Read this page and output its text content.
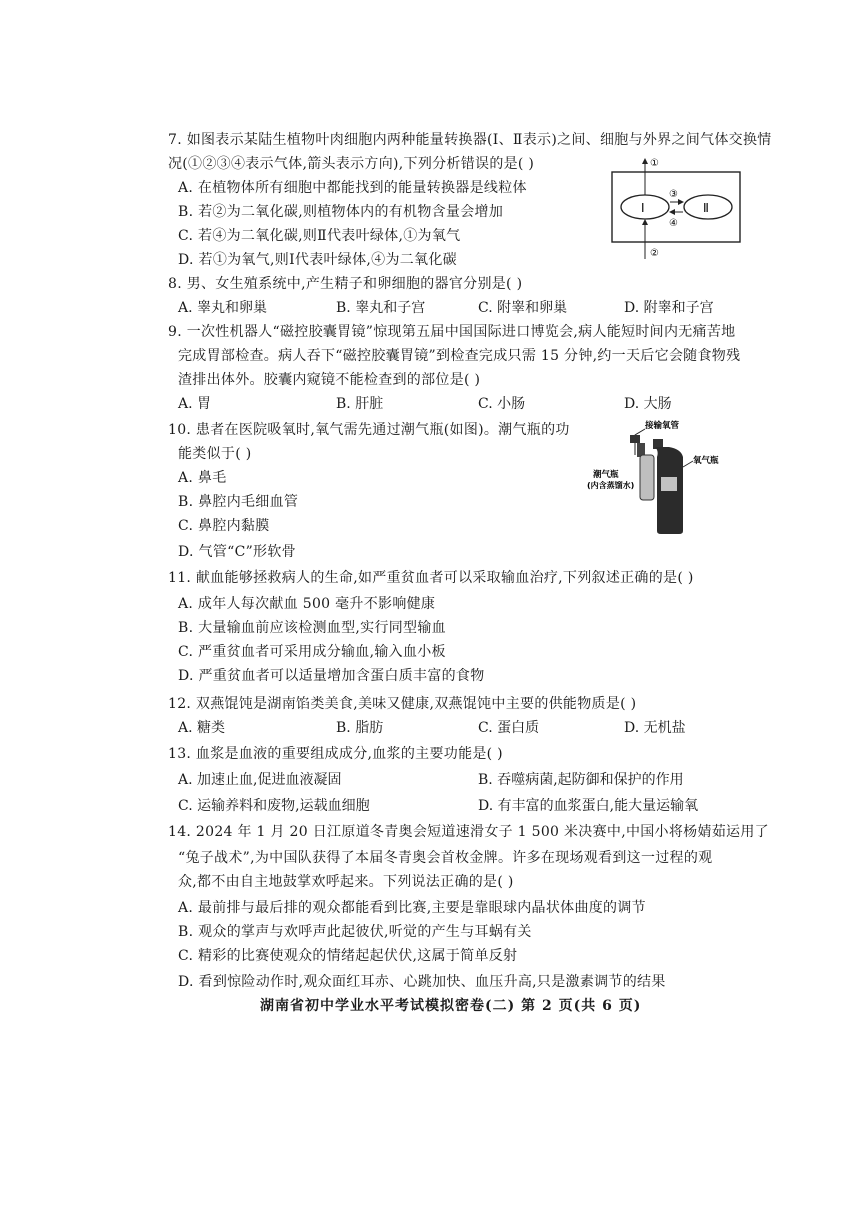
7. 如图表示某陆生植物叶肉细胞内两种能量转换器(Ⅰ、Ⅱ表示)之间、细胞与外界之间气体交换情
况(①②③④表示气体,箭头表示方向),下列分析错误的是( )
A. 在植物体所有细胞中都能找到的能量转换器是线粒体
B. 若②为二氧化碳,则植物体内的有机物含量会增加
C. 若④为二氧化碳,则Ⅱ代表叶绿体,①为氧气
D. 若①为氧气,则Ⅰ代表叶绿体,④为二氧化碳
Ⅰ	Ⅱ
③
④
①
②
8. 男、女生殖系统中,产生精子和卵细胞的器官分别是( )
A. 睾丸和卵巢	B. 睾丸和子宫	C. 附睾和卵巢	D. 附睾和子宫
9. 一次性机器人“磁控胶囊胃镜”惊现第五届中国国际进口博览会,病人能短时间内无痛苦地
完成胃部检查。病人吞下“磁控胶囊胃镜”到检查完成只需 15 分钟,约一天后它会随食物残
渣排出体外。胶囊内窥镜不能检查到的部位是( )
A. 胃	B. 肝脏	C. 小肠	D. 大肠
10. 患者在医院吸氧时,氧气需先通过潮气瓶(如图)。潮气瓶的功
能类似于( )
A. 鼻毛
B. 鼻腔内毛细血管
C. 鼻腔内黏膜
D. 气管“C”形软骨
接输氧管
氧气瓶
潮气瓶
(内含蒸馏水)
11. 献血能够拯救病人的生命,如严重贫血者可以采取输血治疗,下列叙述正确的是( )
A. 成年人每次献血 500 毫升不影响健康
B. 大量输血前应该检测血型,实行同型输血
C. 严重贫血者可采用成分输血,输入血小板
D. 严重贫血者可以适量增加含蛋白质丰富的食物
12. 双燕馄饨是湖南馅类美食,美味又健康,双燕馄饨中主要的供能物质是( )
A. 糖类	B. 脂肪	C. 蛋白质	D. 无机盐
13. 血浆是血液的重要组成成分,血浆的主要功能是( )
A. 加速止血,促进血液凝固	B. 吞噬病菌,起防御和保护的作用
C. 运输养料和废物,运载血细胞	D. 有丰富的血浆蛋白,能大量运输氧
14. 2024 年 1 月 20 日江原道冬青奥会短道速滑女子 1 500 米决赛中,中国小将杨婧茹运用了
“兔子战术”,为中国队获得了本届冬青奥会首枚金牌。许多在现场观看到这一过程的观
众,都不由自主地鼓掌欢呼起来。下列说法正确的是( )
A. 最前排与最后排的观众都能看到比赛,主要是靠眼球内晶状体曲度的调节
B. 观众的掌声与欢呼声此起彼伏,听觉的产生与耳蜗有关
C. 精彩的比赛使观众的情绪起起伏伏,这属于简单反射
D. 看到惊险动作时,观众面红耳赤、心跳加快、血压升高,只是激素调节的结果
湖南省初中学业水平考试模拟密卷(二) 第 2 页(共 6 页)
